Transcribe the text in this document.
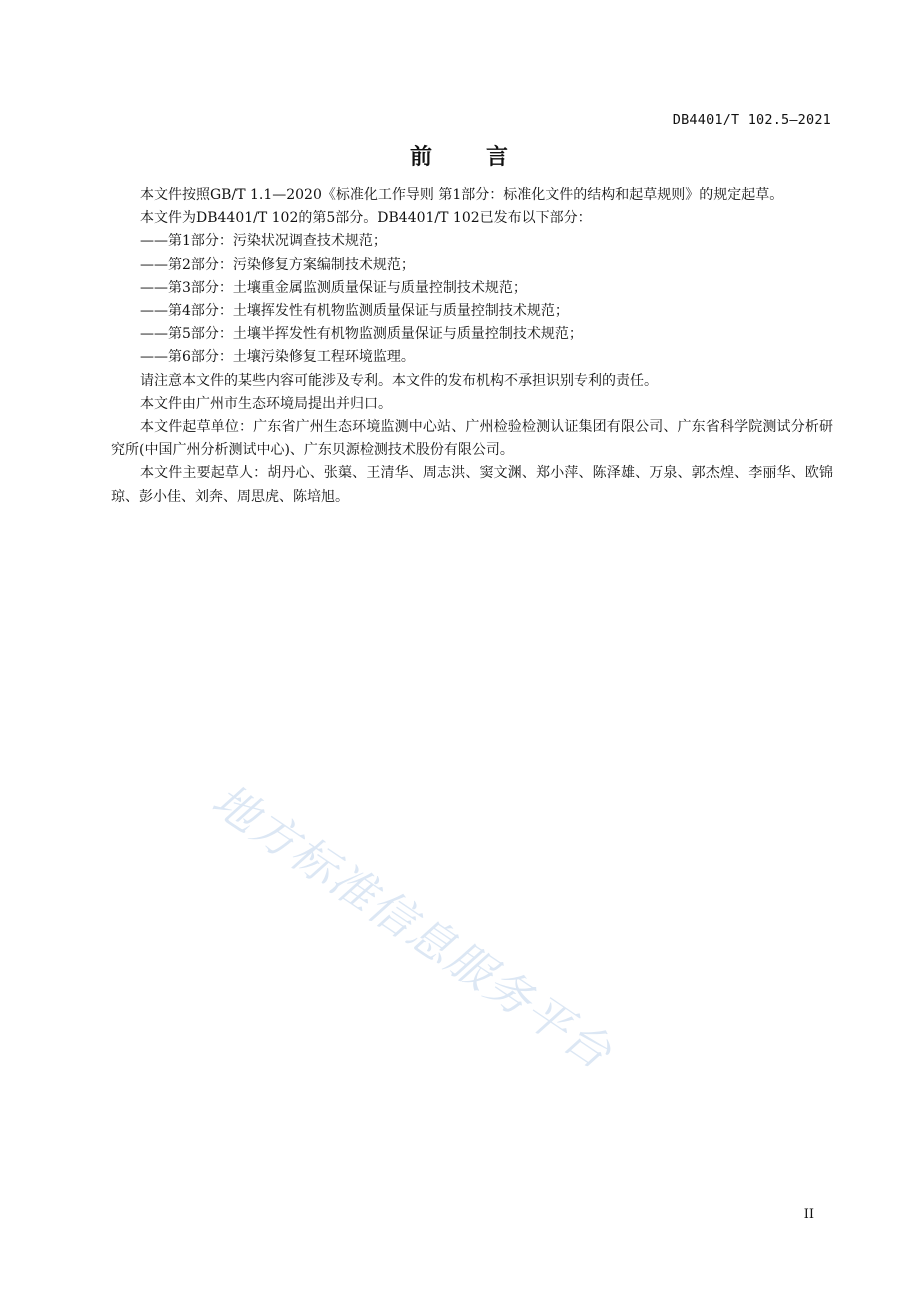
DB4401/T 102.5—2021
前 言

本文件按照GB/T 1.1—2020《标准化工作导则 第1部分：标准化文件的结构和起草规则》的规定起草。

本文件为DB4401/T 102的第5部分。DB4401/T 102已发布以下部分：

——第1部分：污染状况调查技术规范；

——第2部分：污染修复方案编制技术规范；

——第3部分：土壤重金属监测质量保证与质量控制技术规范；

——第4部分：土壤挥发性有机物监测质量保证与质量控制技术规范；

——第5部分：土壤半挥发性有机物监测质量保证与质量控制技术规范；

——第6部分：土壤污染修复工程环境监理。

请注意本文件的某些内容可能涉及专利。本文件的发布机构不承担识别专利的责任。

本文件由广州市生态环境局提出并归口。

本文件起草单位：广东省广州生态环境监测中心站、广州检验检测认证集团有限公司、广东省科学院测试分析研究所(中国广州分析测试中心)、广东贝源检测技术股份有限公司。

本文件主要起草人：胡丹心、张蕖、王清华、周志洪、窦文渊、郑小萍、陈泽雄、万泉、郭杰煌、李丽华、欧锦琼、彭小佳、刘奔、周思虎、陈培旭。

地方标准信息服务平台
II
